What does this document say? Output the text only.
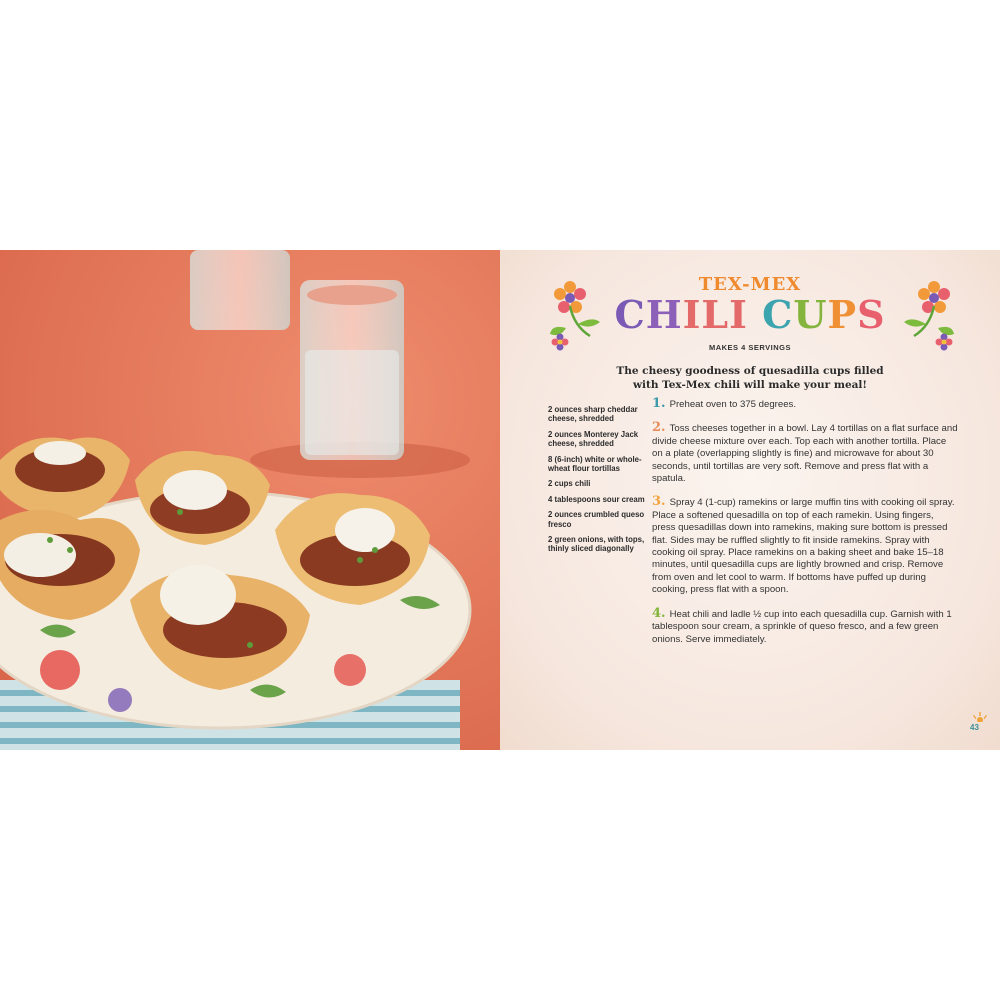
TEX-MEX
CHILI CUPS
MAKES 4 SERVINGS
The cheesy goodness of quesadilla cups filled with Tex-Mex chili will make your meal!
2 ounces sharp cheddar cheese, shredded
2 ounces Monterey Jack cheese, shredded
8 (6-inch) white or whole-wheat flour tortillas
2 cups chili
4 tablespoons sour cream
2 ounces crumbled queso fresco
2 green onions, with tops, thinly sliced diagonally
1. Preheat oven to 375 degrees.
2. Toss cheeses together in a bowl. Lay 4 tortillas on a flat surface and divide cheese mixture over each. Top each with another tortilla. Place on a plate (overlapping slightly is fine) and microwave for about 30 seconds, until tortillas are very soft. Remove and press flat with a spatula.
3. Spray 4 (1-cup) ramekins or large muffin tins with cooking oil spray. Place a softened quesadilla on top of each ramekin. Using fingers, press quesadillas down into ramekins, making sure bottom is pressed flat. Sides may be ruffled slightly to fit inside ramekins. Spray with cooking oil spray. Place ramekins on a baking sheet and bake 15–18 minutes, until quesadilla cups are lightly browned and crisp. Remove from oven and let cool to warm. If bottoms have puffed up during cooking, press flat with a spoon.
4. Heat chili and ladle ½ cup into each quesadilla cup. Garnish with 1 tablespoon sour cream, a sprinkle of queso fresco, and a few green onions. Serve immediately.
43
